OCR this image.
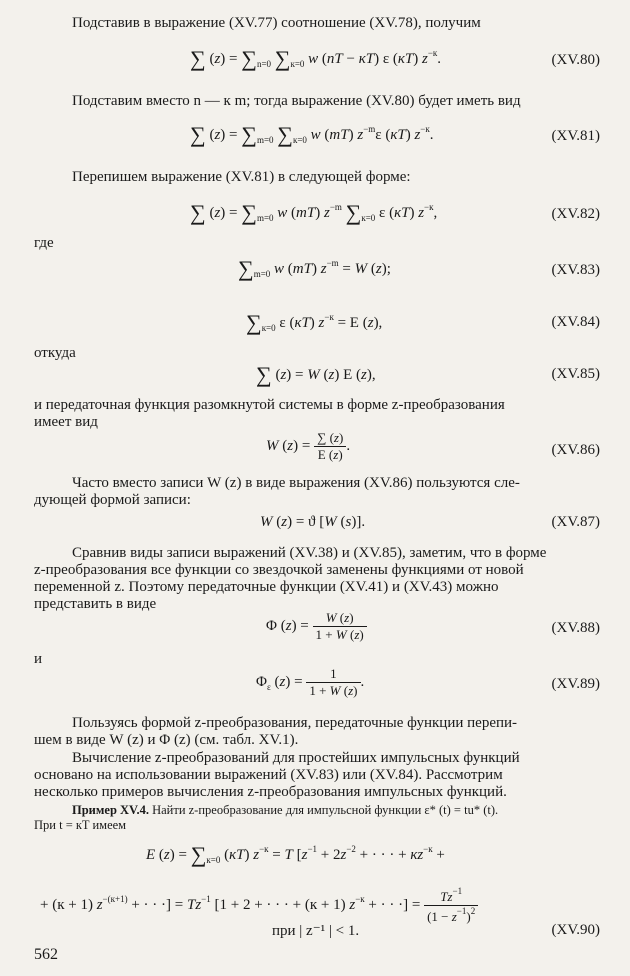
Подставив в выражение (XV.77) соотношение (XV.78), получим
∑ $(z) = \sum_{n=0}$ $\sum_{к=0}$ w (nT − кT) ε (кT) $z^{-к}$.	(XV.80)
Подставим вместо n — к m; тогда выражение (XV.80) будет иметь вид
∑ $(z) = \sum_{m=0}$ $\sum_{к=0}$ w (mT) $z^{-m}\varepsilon$ (кT) $z^{-к}$.	(XV.81)
Перепишем выражение (XV.81) в следующей форме:
∑ $(z) = \sum_{m=0}$ w (mT) $z^{-m}$ $\sum_{к=0}$ ε (кT) $z^{-к}$,	(XV.82)
где
$\sum_{m=0}$ w (mT) $z^{-m} = W$ (z);	(XV.83)
$\sum_{к=0}$ ε (кT) $z^{-к} = E$ (z),	(XV.84)
откуда
∑ (z) = W (z) E (z),	(XV.85)
и передаточная функция разомкнутой системы в форме z-преобразования
имеет вид
W $(z) = \frac{\sum (z)}{E (z)}$ .	(XV.86)
Часто вместо записи W (z) в виде выражения (XV.86) пользуются сле-
дующей формой записи:
W (z) = ϑ [W (s)].	(XV.87)
Сравнив виды записи выражений (XV.38) и (XV.85), заметим, что в форме
z-преобразования все функции со звездочкой заменены функциями от новой
переменной z. Поэтому передаточные функции (XV.41) и (XV.43) можно
представить в виде
Φ $(z) = \frac{W (z)}{1 + W (z)}$	(XV.88)
и
$\Phi_\varepsilon$ $(z) = \frac{1}{1 + W (z)}$ .	(XV.89)
Пользуясь формой z-преобразования, передаточные функции перепи-
шем в виде W (z) и Φ (z) (см. табл. XV.1).
Вычисление z-преобразований для простейших импульсных функций
основано на использовании выражений (XV.83) или (XV.84). Рассмотрим
несколько примеров вычисления z-преобразования импульсных функций.
Пример XV.4. Найти z-преобразование для импульсной функции ε* (t) = tu* (t).
При t = кT имеем
E $(z) = \sum_{к=0}$ (кT) $z^{-к} = T$ [$z^{-1} + 2z^{-2}$ + · · · + $кz^{-к}$ +
+ (к + 1) $z^{-(к+1)}$ + · · ·] = $Tz^{-1}$ [1 + 2 + · · · + (к + 1) $z^{-к}$ + · · ·] = $\frac{Tz^{-1}}{(1 - z^{-1})^2}$
при | z⁻¹ | < 1.	(XV.90)
562
